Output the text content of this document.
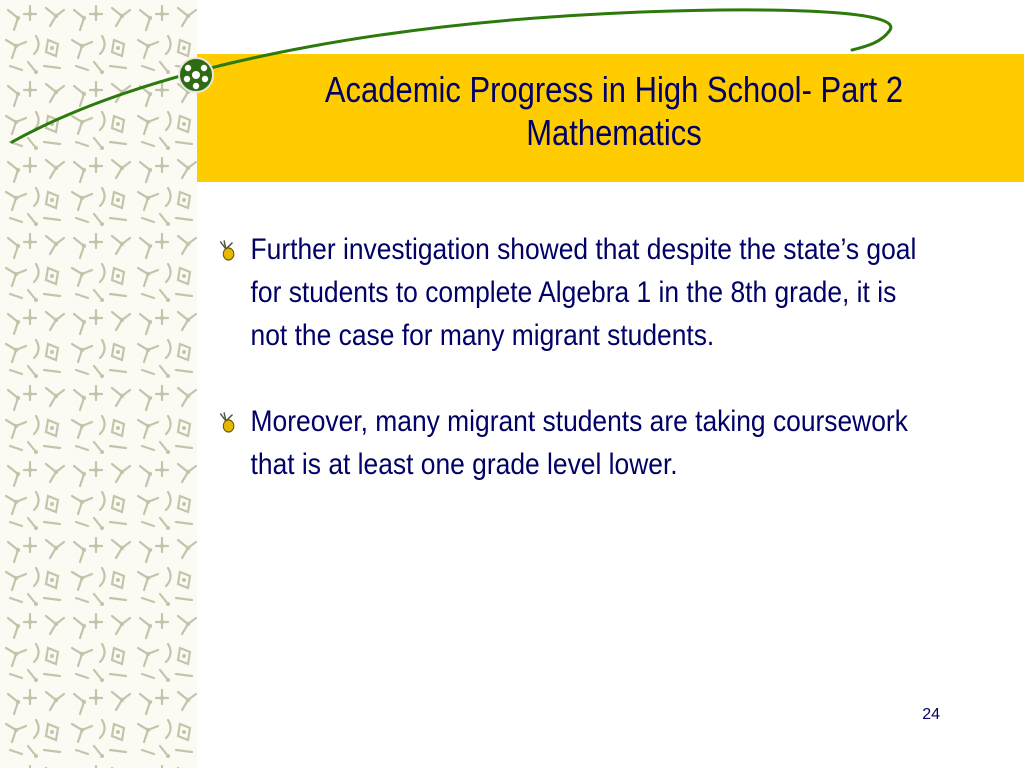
Academic Progress in High School- Part 2
Mathematics
Further investigation showed that despite the state’s goal for students to complete Algebra 1 in the 8th grade, it is not the case for many migrant students.
Moreover, many migrant students are taking coursework that is at least one grade level lower.
24
